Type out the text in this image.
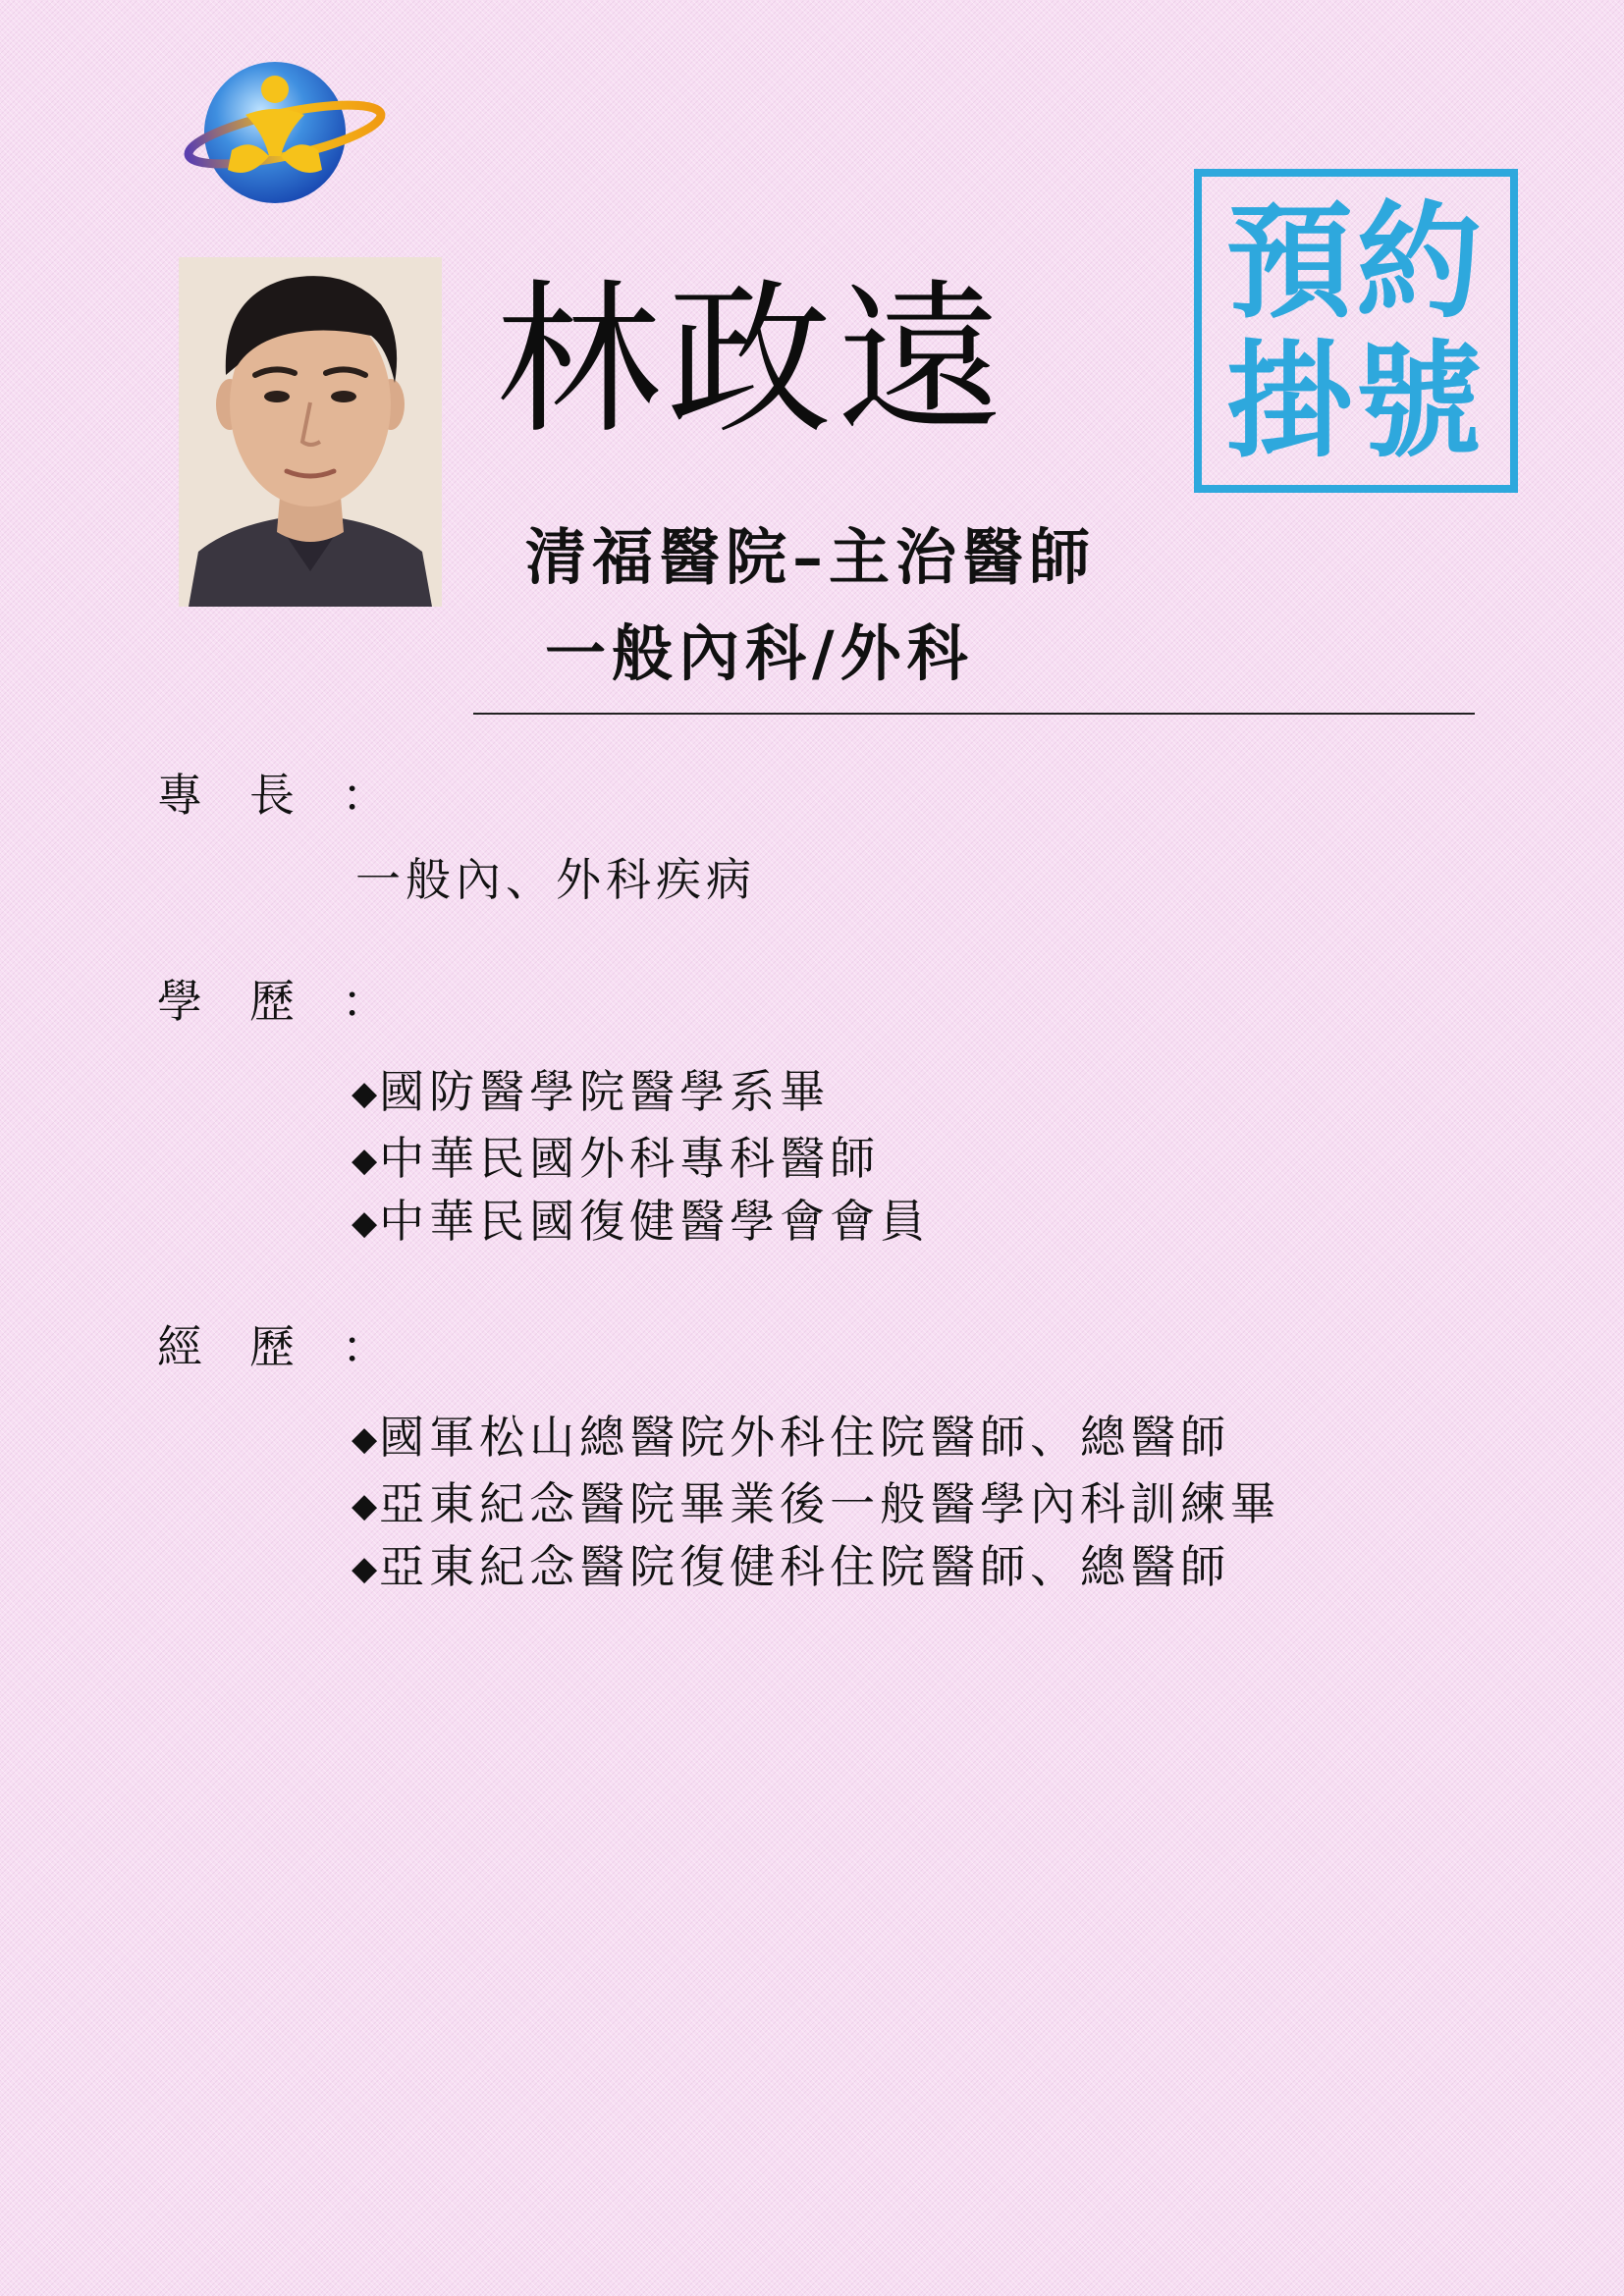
林政遠
預約
掛號
清福醫院–主治醫師
一般內科/外科
專長：
一般內、外科疾病
學歷：
◆國防醫學院醫學系畢
◆中華民國外科專科醫師
◆中華民國復健醫學會會員
經歷：
◆國軍松山總醫院外科住院醫師、總醫師
◆亞東紀念醫院畢業後一般醫學內科訓練畢
◆亞東紀念醫院復健科住院醫師、總醫師
